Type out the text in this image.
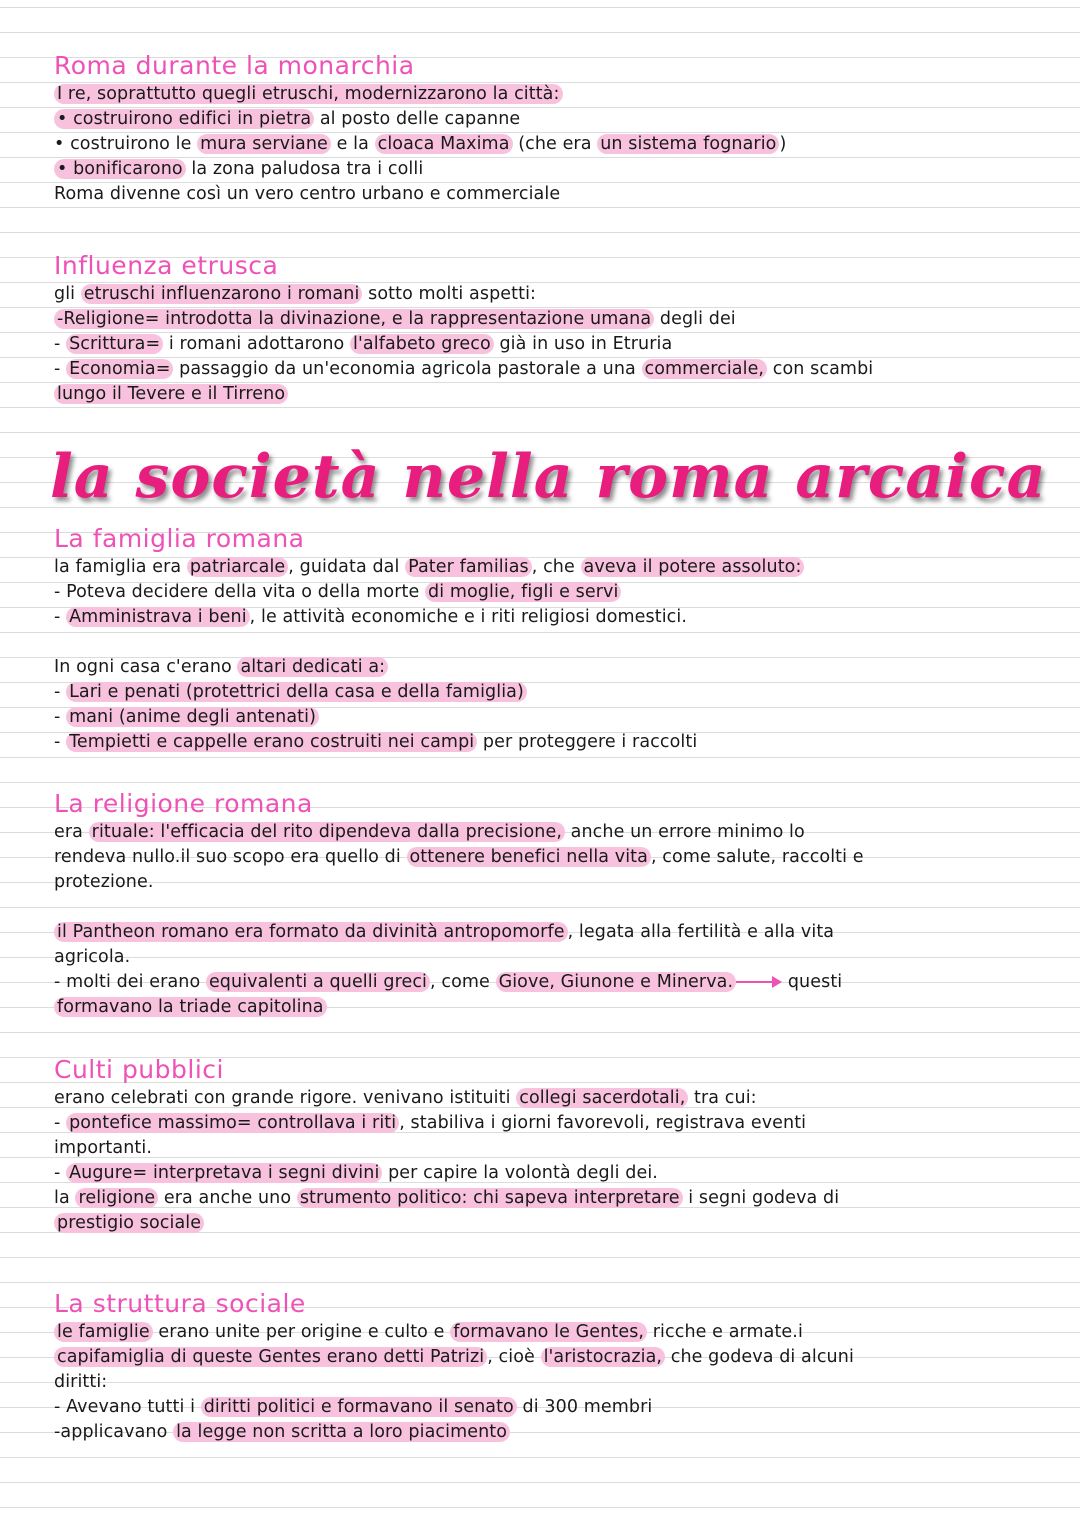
Roma durante la monarchia
I re, soprattutto quegli etruschi, modernizzarono la città:
• costruirono edifici in pietra al posto delle capanne
• costruirono le mura serviane e la cloaca Maxima (che era un sistema fognario )
• bonificarono la zona paludosa tra i colli
Roma divenne così un vero centro urbano e commerciale
Influenza etrusca
gli etruschi influenzarono i romani sotto molti aspetti:
-Religione= introdotta la divinazione, e la rappresentazione umana degli dei
- Scrittura= i romani adottarono l'alfabeto greco già in uso in Etruria
- Economia= passaggio da un'economia agricola pastorale a una commerciale, con scambi
lungo il Tevere e il Tirreno
la società nella roma arcaica
La famiglia romana
la famiglia era patriarcale , guidata dal Pater familias , che aveva il potere assoluto:
- Poteva decidere della vita o della morte di moglie, figli e servi
- Amministrava i beni , le attività economiche e i riti religiosi domestici.
In ogni casa c'erano altari dedicati a:
- Lari e penati (protettrici della casa e della famiglia)
- mani (anime degli antenati)
- Tempietti e cappelle erano costruiti nei campi per proteggere i raccolti
La religione romana
era rituale: l'efficacia del rito dipendeva dalla precisione, anche un errore minimo lo
rendeva nullo.il suo scopo era quello di ottenere benefici nella vita , come salute, raccolti e
protezione.
il Pantheon romano era formato da divinità antropomorfe , legata alla fertilità e alla vita
agricola.
- molti dei erano equivalenti a quelli greci , come Giove, Giunone e Minerva.	questi
formavano la triade capitolina
Culti pubblici
erano celebrati con grande rigore. venivano istituiti collegi sacerdotali, tra cui:
- pontefice massimo= controllava i riti , stabiliva i giorni favorevoli, registrava eventi
importanti.
- Augure= interpretava i segni divini per capire la volontà degli dei.
la religione era anche uno strumento politico: chi sapeva interpretare i segni godeva di
prestigio sociale
La struttura sociale
le famiglie erano unite per origine e culto e formavano le Gentes, ricche e armate.i
capifamiglia di queste Gentes erano detti Patrizi , cioè l'aristocrazia, che godeva di alcuni
diritti:
- Avevano tutti i diritti politici e formavano il senato di 300 membri
-applicavano la legge non scritta a loro piacimento
